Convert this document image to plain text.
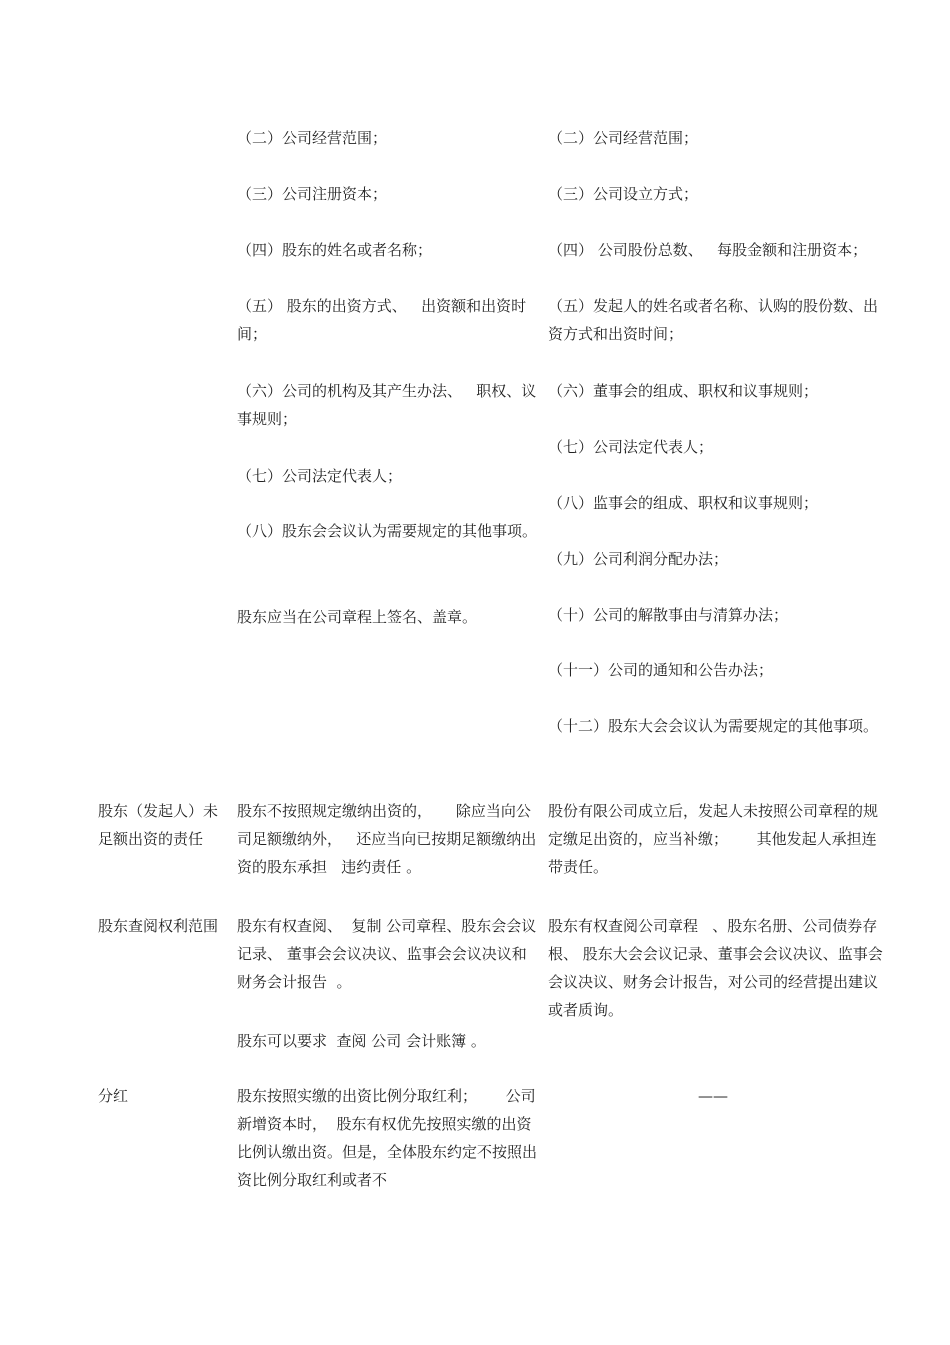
（二）公司经营范围；

（三）公司注册资本；

（四）股东的姓名或者名称；

（五） 股东的出资方式、   出资额和出资时间；

（六）公司的机构及其产生办法、   职权、议事规则；

（七）公司法定代表人；

（八）股东会会议认为需要规定的其他事项。

股东应当在公司章程上签名、盖章。

（二）公司经营范围；

（三）公司设立方式；

（四） 公司股份总数、   每股金额和注册资本；

（五）发起人的姓名或者名称、认购的股份数、出资方式和出资时间；

（六）董事会的组成、职权和议事规则；

（七）公司法定代表人；

（八）监事会的组成、职权和议事规则；

（九）公司利润分配办法；

（十）公司的解散事由与清算办法；

（十一）公司的通知和公告办法；

（十二）股东大会会议认为需要规定的其他事项。

股东（发起人）未足额出资的责任

股东不按照规定缴纳出资的，     除应当向公司足额缴纳外，   还应当向已按期足额缴纳出资的股东承担   违约责任 。

股份有限公司成立后，发起人未按照公司章程的规定缴足出资的，应当补缴；      其他发起人承担连带责任。

股东查阅权利范围 股东有权查阅、  复制 公司章程、股东会会议记录、 董事会会议决议、监事会会议决议和 财务会计报告  。

股东可以要求  查阅 公司 会计账簿 。

股东有权查阅公司章程   、股东名册、公司债券存根、 股东大会会议记录、董事会会议决议、监事会会议决议、财务会计报告，对公司的经营提出建议或者质询。

分红	股东按照实缴的出资比例分取红利；      公司新增资本时，  股东有权优先按照实缴的出资比例认缴出资。但是，全体股东约定不按照出资比例分取红利或者不

——
